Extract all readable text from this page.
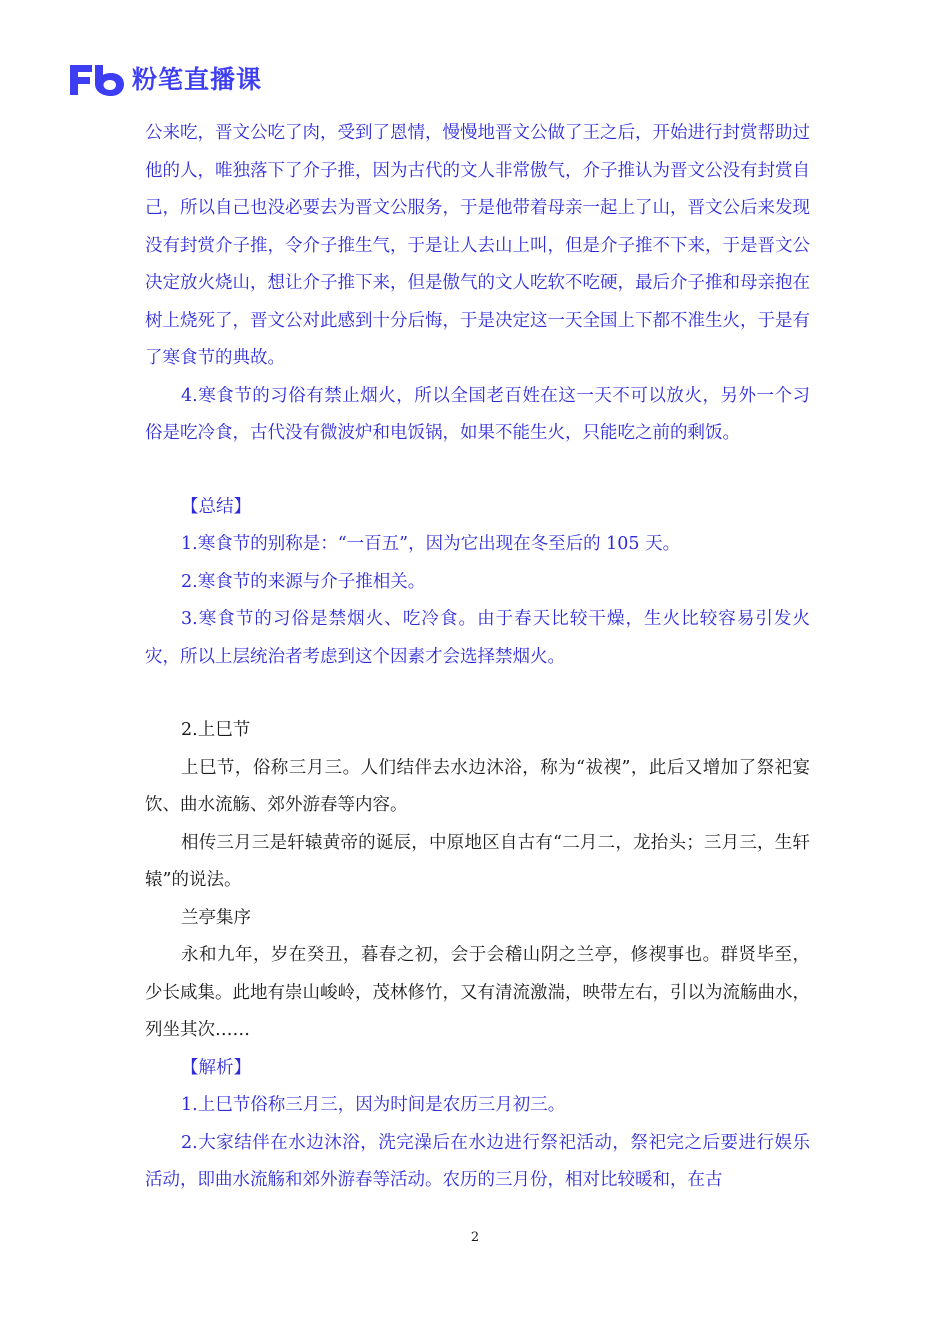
粉笔直播课

公来吃，晋文公吃了肉，受到了恩情，慢慢地晋文公做了王之后，开始进行封赏帮助过他的人，唯独落下了介子推，因为古代的文人非常傲气，介子推认为晋文公没有封赏自己，所以自己也没必要去为晋文公服务，于是他带着母亲一起上了山，晋文公后来发现没有封赏介子推，令介子推生气，于是让人去山上叫，但是介子推不下来，于是晋文公决定放火烧山，想让介子推下来，但是傲气的文人吃软不吃硬，最后介子推和母亲抱在树上烧死了，晋文公对此感到十分后悔，于是决定这一天全国上下都不准生火，于是有了寒食节的典故。

4.寒食节的习俗有禁止烟火，所以全国老百姓在这一天不可以放火，另外一个习俗是吃冷食，古代没有微波炉和电饭锅，如果不能生火，只能吃之前的剩饭。

【总结】

1.寒食节的别称是：“一百五”，因为它出现在冬至后的 105 天。

2.寒食节的来源与介子推相关。

3.寒食节的习俗是禁烟火、吃冷食。由于春天比较干燥，生火比较容易引发火灾，所以上层统治者考虑到这个因素才会选择禁烟火。

2.上巳节

上巳节，俗称三月三。人们结伴去水边沐浴，称为“祓禊”，此后又增加了祭祀宴饮、曲水流觞、郊外游春等内容。

相传三月三是轩辕黄帝的诞辰，中原地区自古有“二月二，龙抬头；三月三，生轩辕”的说法。

兰亭集序

永和九年，岁在癸丑，暮春之初，会于会稽山阴之兰亭，修禊事也。群贤毕至，少长咸集。此地有崇山峻岭，茂林修竹，又有清流激湍，映带左右，引以为流觞曲水，列坐其次……

【解析】

1.上巳节俗称三月三，因为时间是农历三月初三。

2.大家结伴在水边沐浴，洗完澡后在水边进行祭祀活动，祭祀完之后要进行娱乐活动，即曲水流觞和郊外游春等活动。农历的三月份，相对比较暖和，在古

2
